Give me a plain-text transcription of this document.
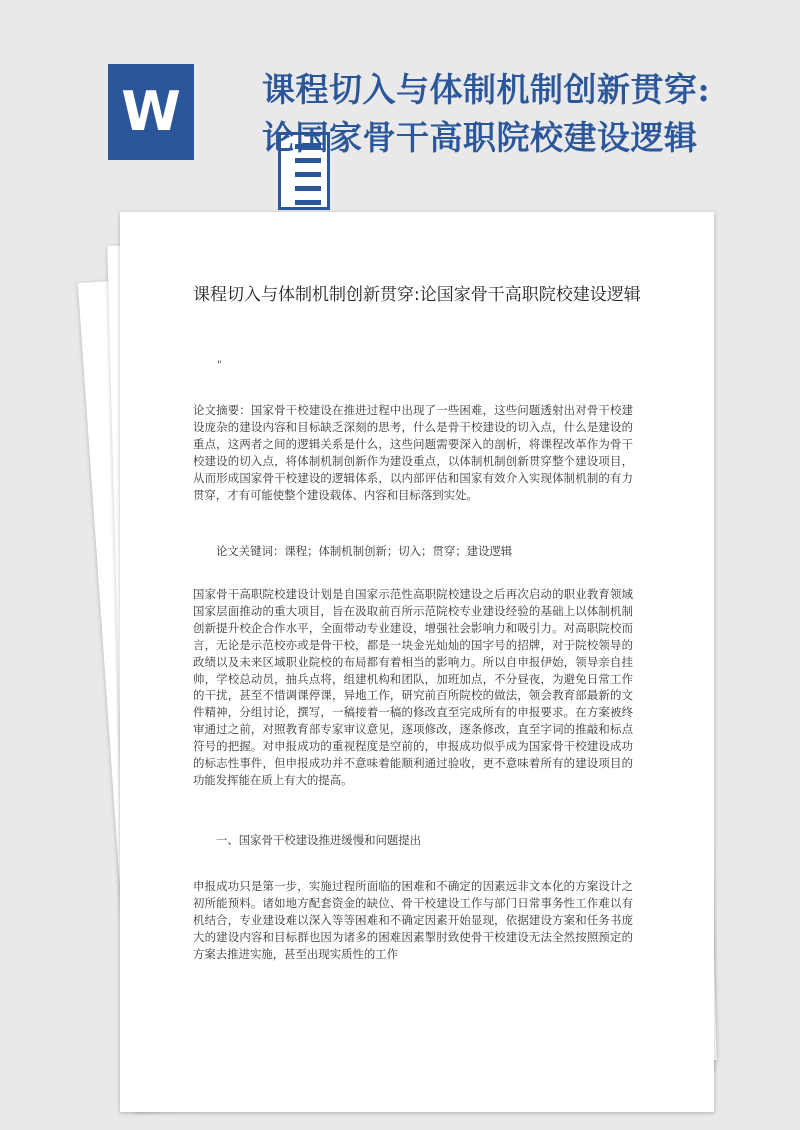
W	课程切入与体制机制创新贯穿:论国家骨干高职院校建设逻辑
课程切入与体制机制创新贯穿:论国家骨干高职院校建设逻辑
"

论文摘要：国家骨干校建设在推进过程中出现了一些困难，这些问题透射出对骨干校建设庞杂的建设内容和目标缺乏深刻的思考，什么是骨干校建设的切入点，什么是建设的重点，这两者之间的逻辑关系是什么，这些问题需要深入的剖析，将课程改革作为骨干校建设的切入点，将体制机制创新作为建设重点，以体制机制创新贯穿整个建设项目，从而形成国家骨干校建设的逻辑体系，以内部评估和国家有效介入实现体制机制的有力贯穿，才有可能使整个建设载体、内容和目标落到实处。

论文关键词：课程；体制机制创新；切入；贯穿；建设逻辑

国家骨干高职院校建设计划是自国家示范性高职院校建设之后再次启动的职业教育领域国家层面推动的重大项目，旨在汲取前百所示范院校专业建设经验的基础上以体制机制创新提升校企合作水平，全面带动专业建设，增强社会影响力和吸引力。对高职院校而言，无论是示范校亦或是骨干校，都是一块金光灿灿的国字号的招牌，对于院校领导的政绩以及未来区域职业院校的布局都有着相当的影响力。所以自申报伊始，领导亲自挂帅，学校总动员，抽兵点将，组建机构和团队，加班加点，不分昼夜，为避免日常工作的干扰，甚至不惜调课停课，异地工作，研究前百所院校的做法，领会教育部最新的文件精神，分组讨论，撰写，一稿接着一稿的修改直至完成所有的申报要求。在方案被终审通过之前，对照教育部专家审议意见，逐项修改，逐条修改，直至字词的推敲和标点符号的把握。对申报成功的重视程度是空前的，申报成功似乎成为国家骨干校建设成功的标志性事件，但申报成功并不意味着能顺利通过验收，更不意味着所有的建设项目的功能发挥能在质上有大的提高。

一、国家骨干校建设推进缓慢和问题提出

申报成功只是第一步，实施过程所面临的困难和不确定的因素远非文本化的方案设计之初所能预料。诸如地方配套资金的缺位、骨干校建设工作与部门日常事务性工作难以有机结合，专业建设难以深入等等困难和不确定因素开始显现，依据建设方案和任务书庞大的建设内容和目标群也因为诸多的困难因素掣肘致使骨干校建设无法全然按照预定的方案去推进实施，甚至出现实质性的工作
